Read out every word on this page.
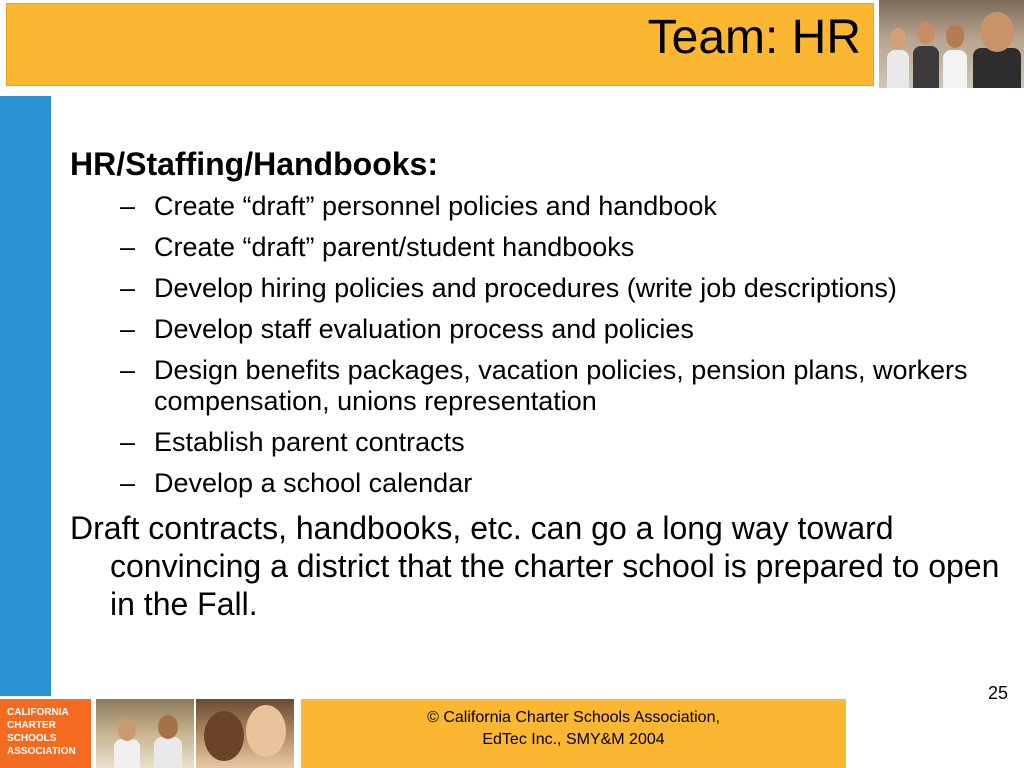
Team: HR
HR/Staffing/Handbooks:
– Create “draft” personnel policies and handbook
– Create “draft” parent/student handbooks
– Develop hiring policies and procedures (write job descriptions)
– Develop staff evaluation process and policies
– Design benefits packages, vacation policies, pension plans, workers compensation, unions representation
– Establish parent contracts
– Develop a school calendar
Draft contracts, handbooks, etc. can go a long way toward convincing a district that the charter school is prepared to open in the Fall.
25
CALIFORNIA
CHARTER
SCHOOLS
ASSOCIATION
© California Charter Schools Association,
EdTec Inc., SMY&M 2004
